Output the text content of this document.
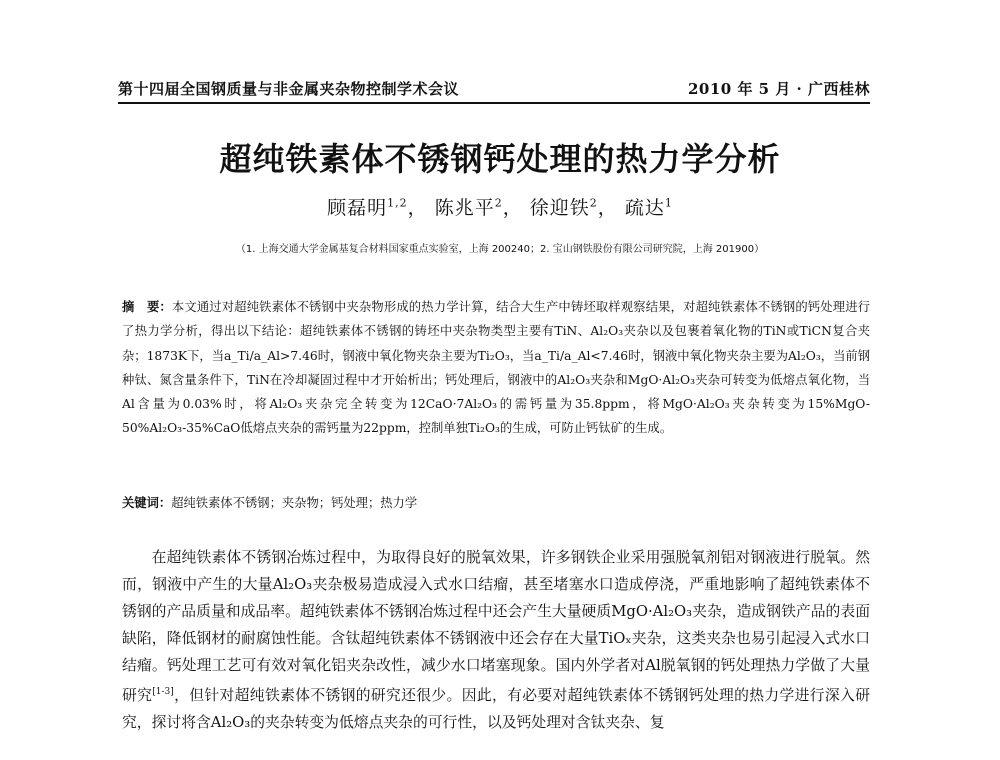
第十四届全国钢质量与非金属夹杂物控制学术会议	2010 年 5 月 · 广西桂林
超纯铁素体不锈钢钙处理的热力学分析
顾磊明$^{1,2}$， 陈兆平$^2$， 徐迎铁$^2$， 疏达$^1$
（1. 上海交通大学金属基复合材料国家重点实验室，上海 200240；2. 宝山钢铁股份有限公司研究院，上海 201900）
摘　要：本文通过对超纯铁素体不锈钢中夹杂物形成的热力学计算，结合大生产中铸坯取样观察结果，对超纯铁素体不锈钢的钙处理进行了热力学分析，得出以下结论：超纯铁素体不锈钢的铸坯中夹杂物类型主要有TiN、Al₂O₃夹杂以及包裹着氧化物的TiN或TiCN复合夹杂；1873K下，当a_Ti/a_Al>7.46时，钢液中氧化物夹杂主要为Ti₂O₃，当a_Ti/a_Al<7.46时，钢液中氧化物夹杂主要为Al₂O₃，当前钢种钛、氮含量条件下，TiN在冷却凝固过程中才开始析出；钙处理后，钢液中的Al₂O₃夹杂和MgO·Al₂O₃夹杂可转变为低熔点氧化物，当Al含量为0.03%时，将Al₂O₃夹杂完全转变为12CaO·7Al₂O₃的需钙量为35.8ppm，将MgO·Al₂O₃夹杂转变为15%MgO-50%Al₂O₃-35%CaO低熔点夹杂的需钙量为22ppm，控制单独Ti₂O₃的生成，可防止钙钛矿的生成。
关键词：超纯铁素体不锈钢；夹杂物；钙处理；热力学
在超纯铁素体不锈钢冶炼过程中，为取得良好的脱氧效果，许多钢铁企业采用强脱氧剂铝对钢液进行脱氧。然而，钢液中产生的大量Al₂O₃夹杂极易造成浸入式水口结瘤，甚至堵塞水口造成停浇，严重地影响了超纯铁素体不锈钢的产品质量和成品率。超纯铁素体不锈钢冶炼过程中还会产生大量硬质MgO·Al₂O₃夹杂，造成钢铁产品的表面缺陷，降低钢材的耐腐蚀性能。含钛超纯铁素体不锈钢液中还会存在大量TiOₓ夹杂，这类夹杂也易引起浸入式水口结瘤。钙处理工艺可有效对氧化铝夹杂改性，减少水口堵塞现象。国内外学者对Al脱氧钢的钙处理热力学做了大量研究[1-3]，但针对超纯铁素体不锈钢的研究还很少。因此，有必要对超纯铁素体不锈钢钙处理的热力学进行深入研究，探讨将含Al₂O₃的夹杂转变为低熔点夹杂的可行性，以及钙处理对含钛夹杂、复
